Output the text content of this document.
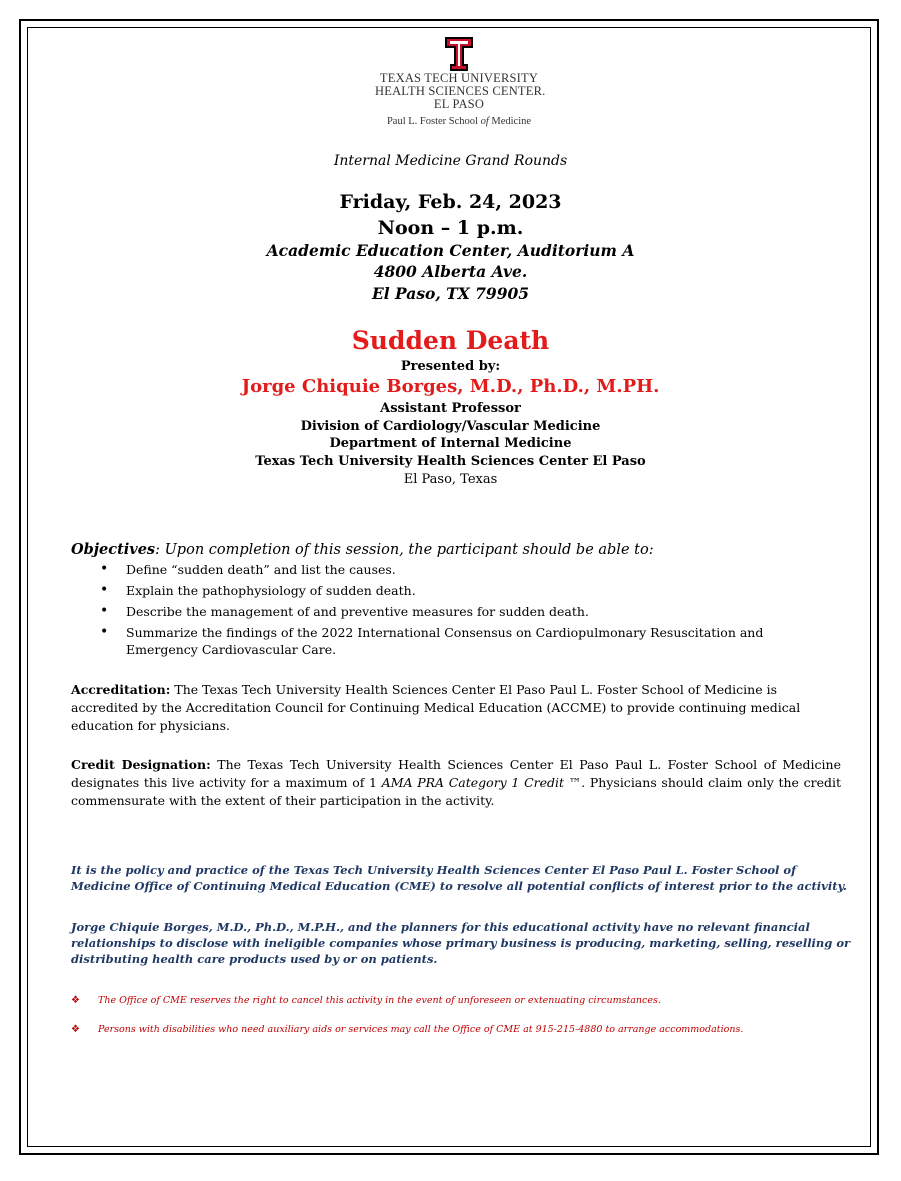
TEXAS TECH UNIVERSITY
HEALTH SCIENCES CENTER.
EL PASO
Paul L. Foster School of Medicine
Internal Medicine Grand Rounds
Friday, Feb. 24, 2023
Noon – 1 p.m.
Academic Education Center, Auditorium A
4800 Alberta Ave.
El Paso, TX 79905
Sudden Death
Presented by:
Jorge Chiquie Borges, M.D., Ph.D., M.PH.
Assistant Professor
Division of Cardiology/Vascular Medicine
Department of Internal Medicine
Texas Tech University Health Sciences Center El Paso
El Paso, Texas
Objectives: Upon completion of this session, the participant should be able to:
• Define “sudden death” and list the causes.
• Explain the pathophysiology of sudden death.
• Describe the management of and preventive measures for sudden death.
• Summarize the findings of the 2022 International Consensus on Cardiopulmonary Resuscitation and Emergency Cardiovascular Care.
Accreditation: The Texas Tech University Health Sciences Center El Paso Paul L. Foster School of Medicine is accredited by the Accreditation Council for Continuing Medical Education (ACCME) to provide continuing medical education for physicians.
Credit Designation: The Texas Tech University Health Sciences Center El Paso Paul L. Foster School of Medicine designates this live activity for a maximum of 1 AMA PRA Category 1 Credit ™. Physicians should claim only the credit commensurate with the extent of their participation in the activity.
It is the policy and practice of the Texas Tech University Health Sciences Center El Paso Paul L. Foster School of Medicine Office of Continuing Medical Education (CME) to resolve all potential conflicts of interest prior to the activity.
Jorge Chiquie Borges, M.D., Ph.D., M.P.H., and the planners for this educational activity have no relevant financial relationships to disclose with ineligible companies whose primary business is producing, marketing, selling, reselling or distributing health care products used by or on patients.
❖ The Office of CME reserves the right to cancel this activity in the event of unforeseen or extenuating circumstances.
❖ Persons with disabilities who need auxiliary aids or services may call the Office of CME at 915-215-4880 to arrange accommodations.
